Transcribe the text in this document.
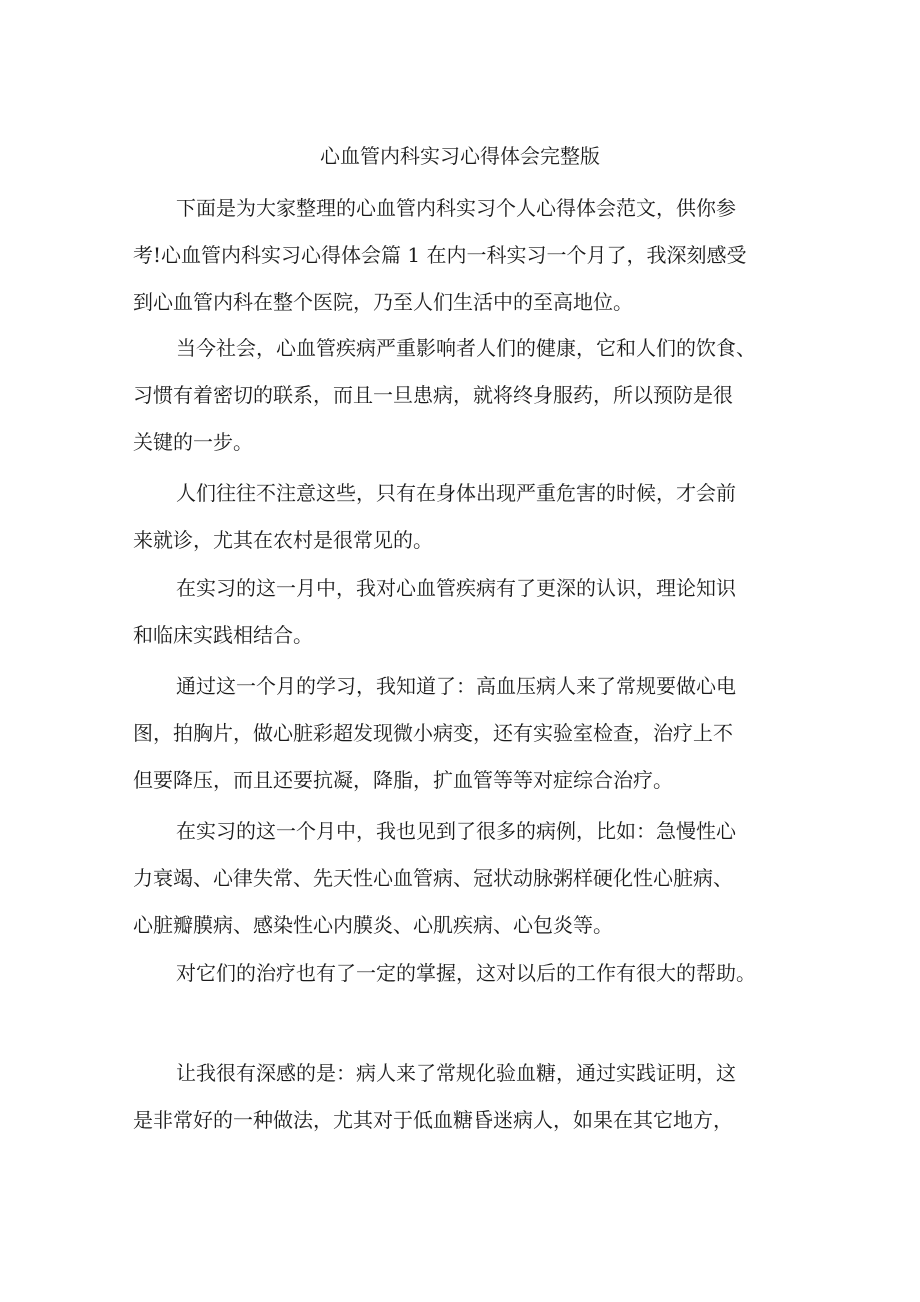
心血管内科实习心得体会完整版
下面是为大家整理的心血管内科实习个人心得体会范文，供你参
考!心血管内科实习心得体会篇 1 在内一科实习一个月了，我深刻感受
到心血管内科在整个医院，乃至人们生活中的至高地位。
当今社会，心血管疾病严重影响者人们的健康，它和人们的饮食、
习惯有着密切的联系，而且一旦患病，就将终身服药，所以预防是很
关键的一步。
人们往往不注意这些，只有在身体出现严重危害的时候，才会前
来就诊，尤其在农村是很常见的。
在实习的这一月中，我对心血管疾病有了更深的认识，理论知识
和临床实践相结合。
通过这一个月的学习，我知道了：高血压病人来了常规要做心电
图，拍胸片，做心脏彩超发现微小病变，还有实验室检查，治疗上不
但要降压，而且还要抗凝，降脂，扩血管等等对症综合治疗。
在实习的这一个月中，我也见到了很多的病例，比如：急慢性心
力衰竭、心律失常、先天性心血管病、冠状动脉粥样硬化性心脏病、
心脏瓣膜病、感染性心内膜炎、心肌疾病、心包炎等。
对它们的治疗也有了一定的掌握，这对以后的工作有很大的帮助。
让我很有深感的是：病人来了常规化验血糖，通过实践证明，这
是非常好的一种做法，尤其对于低血糖昏迷病人，如果在其它地方，
